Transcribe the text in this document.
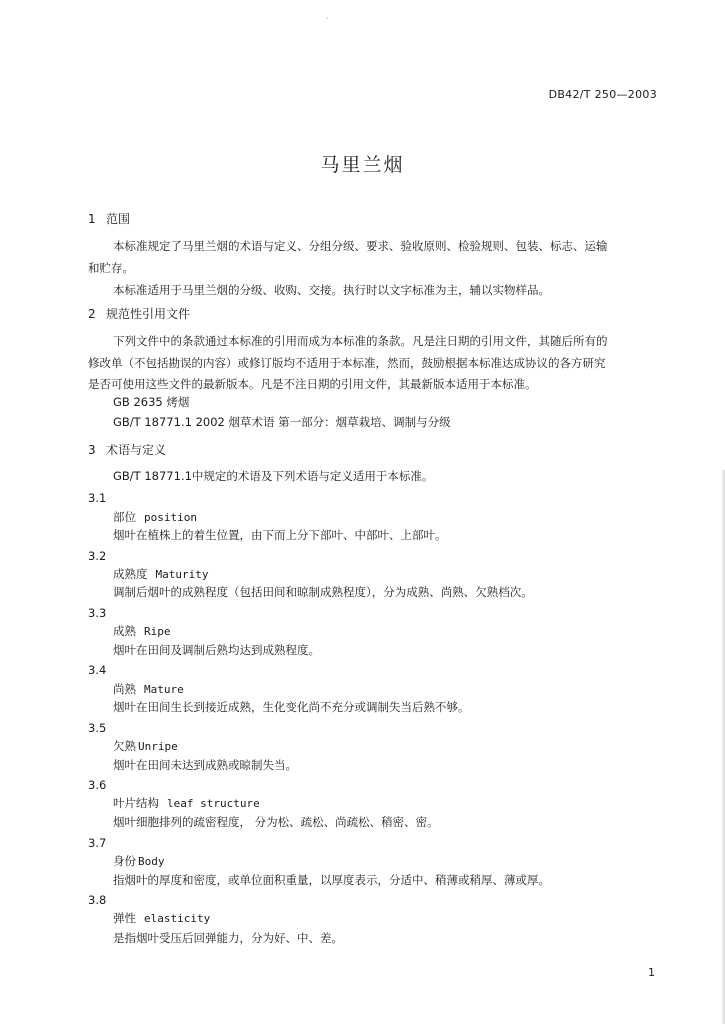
·
DB42/T 250—2003
马里兰烟
1 范围
本标准规定了马里兰烟的术语与定义、分组分级、要求、验收原则、检验规则、包装、标志、运输
和贮存。
本标准适用于马里兰烟的分级、收购、交接。执行时以文字标准为主，辅以实物样品。
2 规范性引用文件
下列文件中的条款通过本标准的引用而成为本标准的条款。凡是注日期的引用文件，其随后所有的
修改单（不包括勘误的内容）或修订版均不适用于本标准，然而，鼓励根据本标准达成协议的各方研究
是否可使用这些文件的最新版本。凡是不注日期的引用文件，其最新版本适用于本标准。
GB 2635 烤烟
GB/T 18771.1 2002 烟草术语 第一部分：烟草栽培、调制与分级
3 术语与定义
GB/T 18771.1中规定的术语及下列术语与定义适用于本标准。
3.1
部位 position
烟叶在植株上的着生位置，由下而上分下部叶、中部叶、上部叶。
3.2
成熟度 Maturity
调制后烟叶的成熟程度（包括田间和晾制成熟程度），分为成熟、尚熟、欠熟档次。
3.3
成熟 Ripe
烟叶在田间及调制后熟均达到成熟程度。
3.4
尚熟 Mature
烟叶在田间生长到接近成熟，生化变化尚不充分或调制失当后熟不够。
3.5
欠熟 Unripe
烟叶在田间未达到成熟或晾制失当。
3.6
叶片结构 leaf structure
烟叶细胞排列的疏密程度， 分为松、疏松、尚疏松、稍密、密。
3.7
身份 Body
指烟叶的厚度和密度，或单位面积重量，以厚度表示，分适中、稍薄或稍厚、薄或厚。
3.8
弹性 elasticity
是指烟叶受压后回弹能力，分为好、中、差。
1
